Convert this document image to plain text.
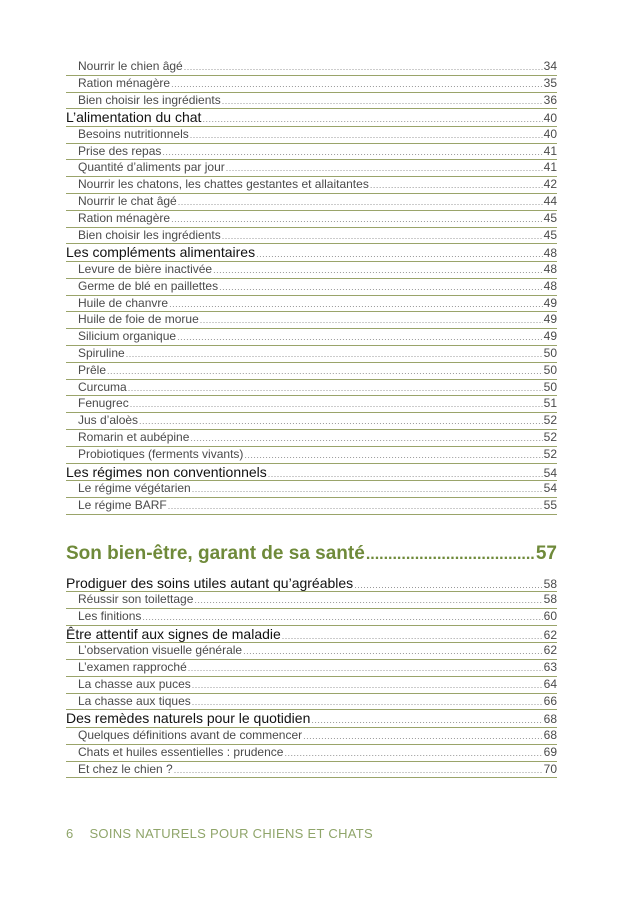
Nourrir le chien âgé .....	34
Ration ménagère .....	35
Bien choisir les ingrédients .....	36
L’alimentation du chat .....	40
Besoins nutritionnels .....	40
Prise des repas .....	41
Quantité d’aliments par jour .....	41
Nourrir les chatons, les chattes gestantes et allaitantes .....	42
Nourrir le chat âgé .....	44
Ration ménagère .....	45
Bien choisir les ingrédients .....	45
Les compléments alimentaires .....	48
Levure de bière inactivée .....	48
Germe de blé en paillettes .....	48
Huile de chanvre .....	49
Huile de foie de morue .....	49
Silicium organique .....	49
Spiruline .....	50
Prêle .....	50
Curcuma .....	50
Fenugrec .....	51
Jus d’aloès .....	52
Romarin et aubépine .....	52
Probiotiques (ferments vivants) .....	52
Les régimes non conventionnels .....	54
Le régime végétarien .....	54
Le régime BARF .....	55
Son bien-être, garant de sa santé .....	57
Prodiguer des soins utiles autant qu’agréables .....	58
Réussir son toilettage .....	58
Les finitions .....	60
Être attentif aux signes de maladie .....	62
L’observation visuelle générale .....	62
L’examen rapproché .....	63
La chasse aux puces .....	64
La chasse aux tiques .....	66
Des remèdes naturels pour le quotidien .....	68
Quelques définitions avant de commencer .....	68
Chats et huiles essentielles : prudence .....	69
Et chez le chien ? .....	70
6 SOINS NATURELS POUR CHIENS ET CHATS
